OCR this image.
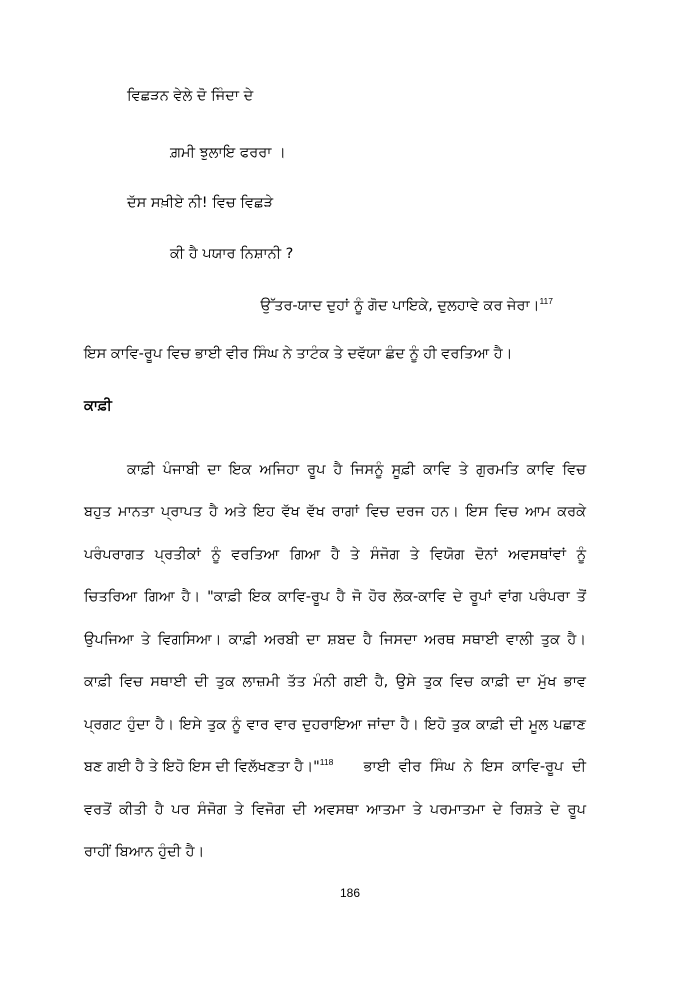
ਵਿਛੜਨ ਵੇਲੇ ਦੋ ਜਿੰਦਾ ਦੇ
ਗ਼ਮੀ ਝੁਲਾਇ ਫਰਰਾ ।
ਦੱਸ ਸਖ਼ੀਏ ਨੀ! ਵਿਚ ਵਿਛੜੇ
ਕੀ ਹੈ ਪਯਾਰ ਨਿਸ਼ਾਨੀ ?
ਉੱਤਰ-ਯਾਦ ਦੁਹਾਂ ਨੂੰ ਗੋਦ ਪਾਇਕੇ, ਦੁਲਹਾਵੇ ਕਰ ਜੇਰਾ।$^{117}$
ਇਸ ਕਾਵਿ-ਰੂਪ ਵਿਚ ਭਾਈ ਵੀਰ ਸਿੰਘ ਨੇ ਤਾਟੰਕ ਤੇ ਦਵੱਯਾ ਛੰਦ ਨੂੰ ਹੀ ਵਰਤਿਆ ਹੈ।
ਕਾਫ਼ੀ
ਕਾਫ਼ੀ ਪੰਜਾਬੀ ਦਾ ਇਕ ਅਜਿਹਾ ਰੂਪ ਹੈ ਜਿਸਨੂੰ ਸੂਫ਼ੀ ਕਾਵਿ ਤੇ ਗੁਰਮਤਿ ਕਾਵਿ ਵਿਚ
ਬਹੁਤ ਮਾਨਤਾ ਪ੍ਰਾਪਤ ਹੈ ਅਤੇ ਇਹ ਵੱਖ ਵੱਖ ਰਾਗਾਂ ਵਿਚ ਦਰਜ ਹਨ। ਇਸ ਵਿਚ ਆਮ ਕਰਕੇ
ਪਰੰਪਰਾਗਤ ਪ੍ਰਤੀਕਾਂ ਨੂੰ ਵਰਤਿਆ ਗਿਆ ਹੈ ਤੇ ਸੰਜੋਗ ਤੇ ਵਿਯੋਗ ਦੋਨਾਂ ਅਵਸਥਾਂਵਾਂ ਨੂੰ
ਚਿਤਰਿਆ ਗਿਆ ਹੈ। "ਕਾਫ਼ੀ ਇਕ ਕਾਵਿ-ਰੂਪ ਹੈ ਜੋ ਹੋਰ ਲੋਕ-ਕਾਵਿ ਦੇ ਰੂਪਾਂ ਵਾਂਗ ਪਰੰਪਰਾ ਤੋਂ
ਉਪਜਿਆ ਤੇ ਵਿਗਸਿਆ। ਕਾਫ਼ੀ ਅਰਬੀ ਦਾ ਸ਼ਬਦ ਹੈ ਜਿਸਦਾ ਅਰਥ ਸਥਾਈ ਵਾਲੀ ਤੁਕ ਹੈ।
ਕਾਫ਼ੀ ਵਿਚ ਸਥਾਈ ਦੀ ਤੁਕ ਲਾਜ਼ਮੀ ਤੱਤ ਮੰਨੀ ਗਈ ਹੈ, ਉਸੇ ਤੁਕ ਵਿਚ ਕਾਫ਼ੀ ਦਾ ਮੁੱਖ ਭਾਵ
ਪ੍ਰਗਟ ਹੁੰਦਾ ਹੈ। ਇਸੇ ਤੁਕ ਨੂੰ ਵਾਰ ਵਾਰ ਦੁਹਰਾਇਆ ਜਾਂਦਾ ਹੈ। ਇਹੋ ਤੁਕ ਕਾਫ਼ੀ ਦੀ ਮੂਲ ਪਛਾਣ
ਬਣ ਗਈ ਹੈ ਤੇ ਇਹੋ ਇਸ ਦੀ ਵਿਲੱਖਣਤਾ ਹੈ।"$^{118}$ ਭਾਈ ਵੀਰ ਸਿੰਘ ਨੇ ਇਸ ਕਾਵਿ-ਰੂਪ ਦੀ
ਵਰਤੋਂ ਕੀਤੀ ਹੈ ਪਰ ਸੰਜੋਗ ਤੇ ਵਿਜੋਗ ਦੀ ਅਵਸਥਾ ਆਤਮਾ ਤੇ ਪਰਮਾਤਮਾ ਦੇ ਰਿਸ਼ਤੇ ਦੇ ਰੂਪ
ਰਾਹੀਂ ਬਿਆਨ ਹੁੰਦੀ ਹੈ।
186
